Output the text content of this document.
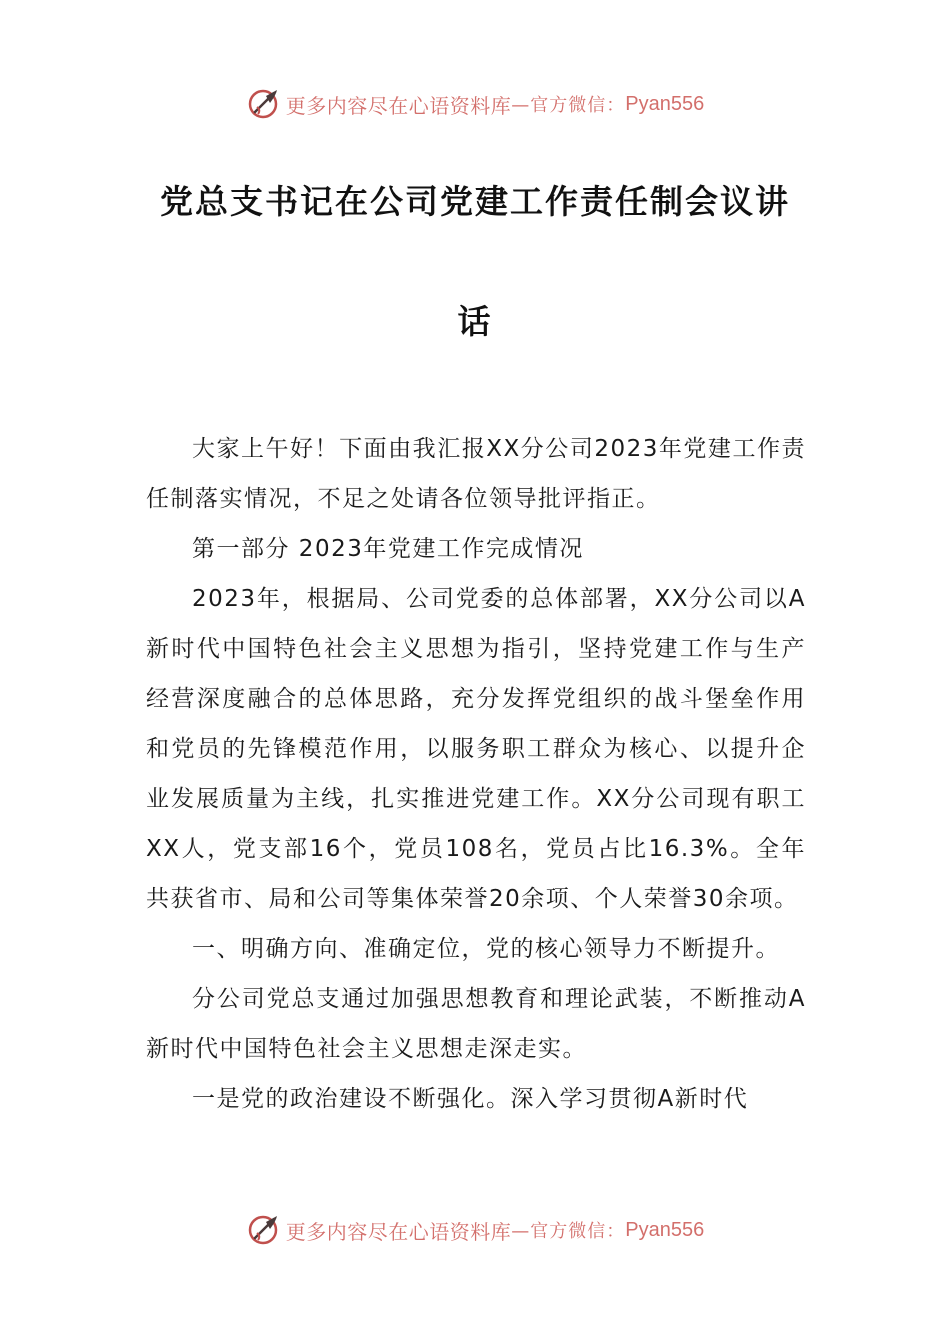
更多内容尽在心语资料库 —官方微信： Pyan556
党总支书记在公司党建工作责任制会议讲
话

大家上午好！下面由我汇报XX分公司2023年党建工作责任制落实情况，不足之处请各位领导批评指正。

第一部分 2023年党建工作完成情况

2023年，根据局、公司党委的总体部署，XX分公司以A新时代中国特色社会主义思想为指引，坚持党建工作与生产经营深度融合的总体思路，充分发挥党组织的战斗堡垒作用和党员的先锋模范作用，以服务职工群众为核心、以提升企业发展质量为主线，扎实推进党建工作。XX分公司现有职工XX人，党支部16个，党员108名，党员占比16.3%。全年共获省市、局和公司等集体荣誉20余项、个人荣誉30余项。

一、明确方向、准确定位，党的核心领导力不断提升。

分公司党总支通过加强思想教育和理论武装，不断推动A新时代中国特色社会主义思想走深走实。

一是党的政治建设不断强化。深入学习贯彻A新时代

更多内容尽在心语资料库 —官方微信： Pyan556
